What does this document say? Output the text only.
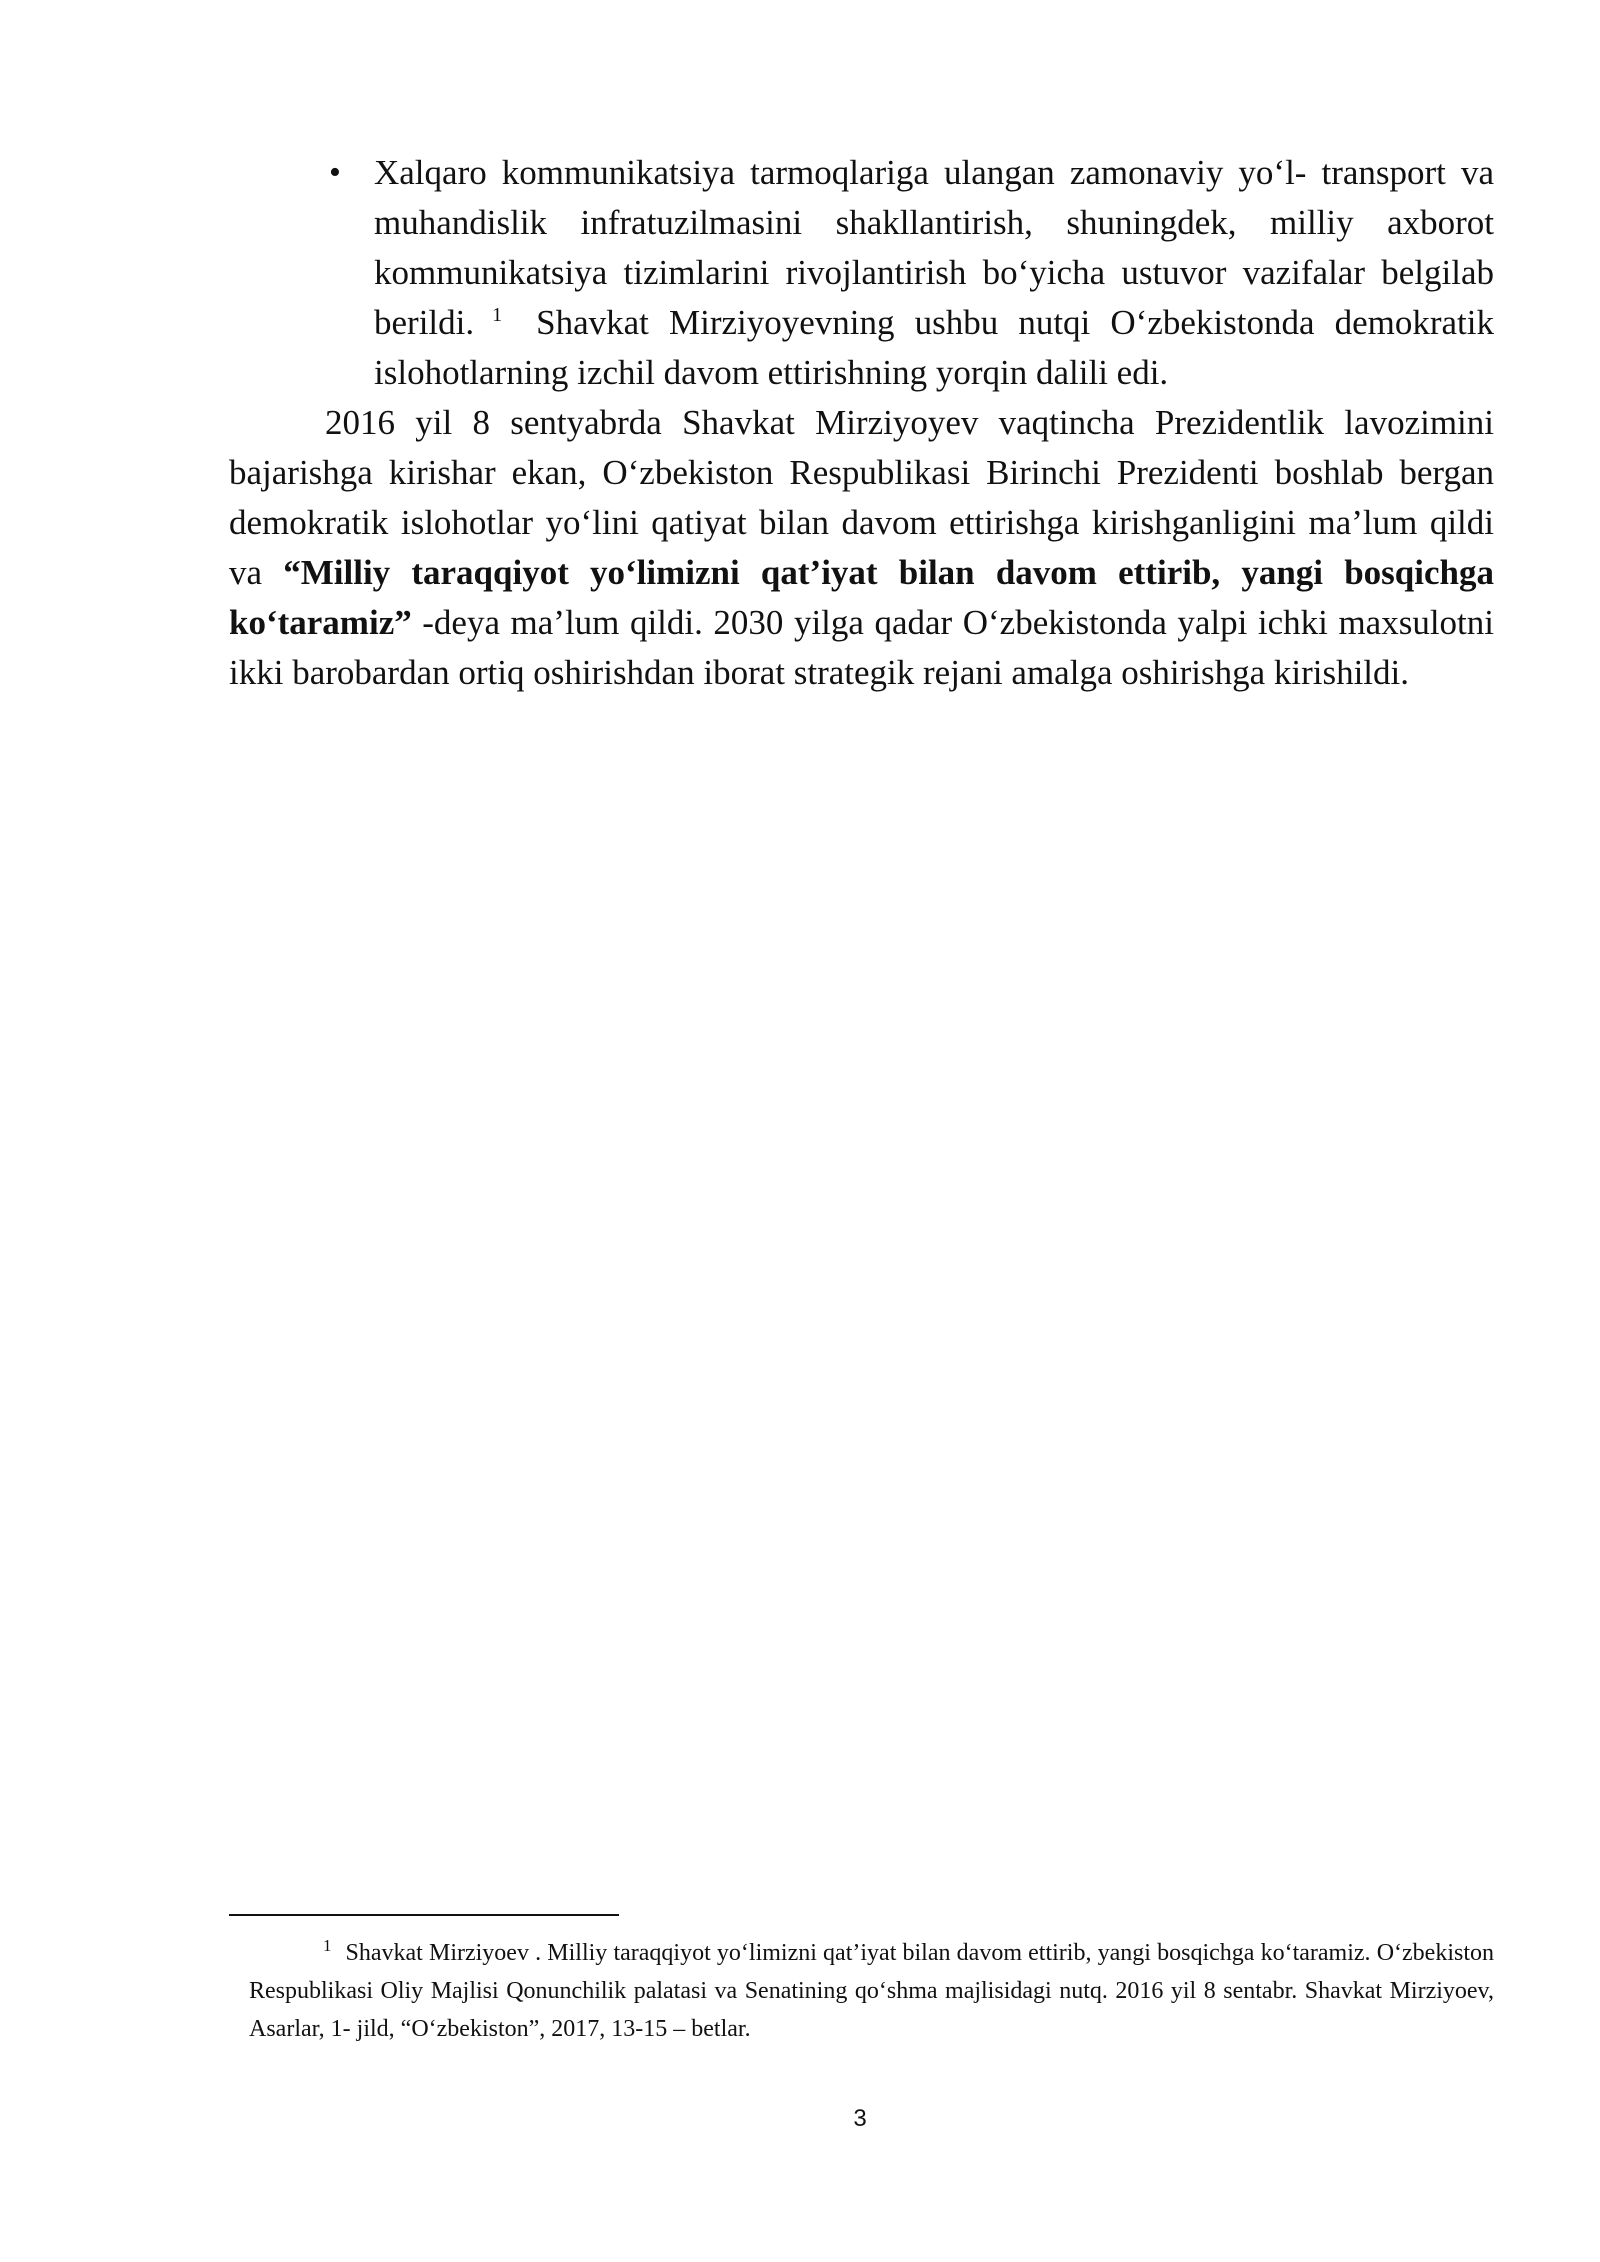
• Xalqaro kommunikatsiya tarmoqlariga ulangan zamonaviy yo‘l- transport va muhandislik infratuzilmasini shakllantirish, shuningdek, milliy axborot kommunikatsiya tizimlarini rivojlantirish bo‘yicha ustuvor vazifalar belgilab berildi. $^1$ Shavkat Mirziyoyevning ushbu nutqi O‘zbekistonda demokratik islohotlarning izchil davom ettirishning yorqin dalili edi.

2016 yil 8 sentyabrda Shavkat Mirziyoyev vaqtincha Prezidentlik lavozimini bajarishga kirishar ekan, O‘zbekiston Respublikasi Birinchi Prezidenti boshlab bergan demokratik islohotlar yo‘lini qatiyat bilan davom ettirishga kirishganligini ma’lum qildi va “Milliy taraqqiyot yo‘limizni qat’iyat bilan davom ettirib, yangi bosqichga ko‘taramiz” -deya ma’lum qildi. 2030 yilga qadar O‘zbekistonda yalpi ichki maxsulotni ikki barobardan ortiq oshirishdan iborat strategik rejani amalga oshirishga kirishildi.

$^1$ Shavkat Mirziyoev . Milliy taraqqiyot yo‘limizni qat’iyat bilan davom ettirib, yangi bosqichga ko‘taramiz. O‘zbekiston Respublikasi Oliy Majlisi Qonunchilik palatasi va Senatining qo‘shma majlisidagi nutq. 2016 yil 8 sentabr. Shavkat Mirziyoev, Asarlar, 1- jild, “O‘zbekiston”, 2017, 13-15 – betlar.
3
